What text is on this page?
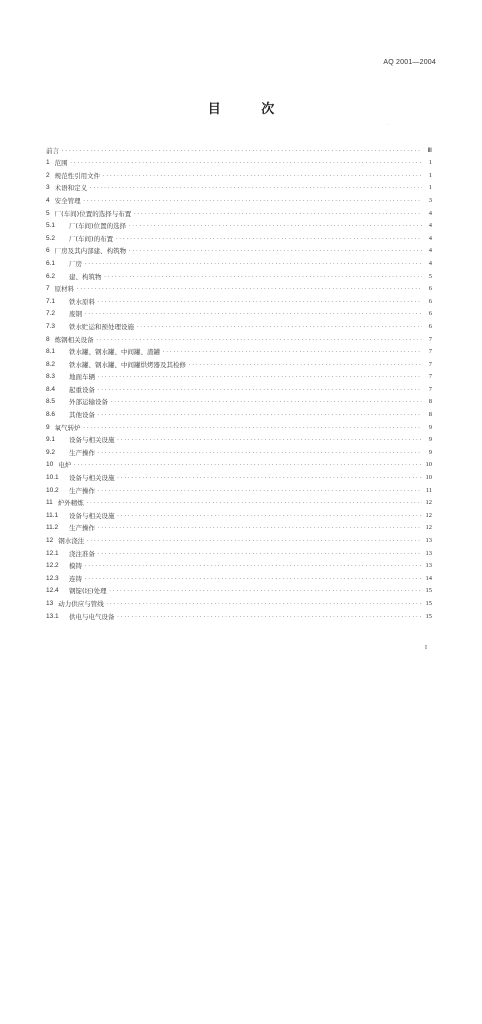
AQ 2001—2004
目 次
.
前言 ·····	Ⅲ
1 范围 ·····	1
2 规范性引用文件 ·····	1
3 术语和定义 ·····	1
4 安全管理 ·····	3
5 厂(车间)位置的选择与布置 ·····	4
5.1	厂(车间)位置的选择 ·····	4
5.2	厂(车间)的布置 ·····	4
6 厂房及其内部建、构筑物 ·····	4
6.1	厂房 ·····	4
6.2	建、构筑物 ·····	5
7 原材料 ·····	6
7.1	铁水原料 ·····	6
7.2	废钢 ·····	6
7.3	铁水贮运和预处理设施 ·····	6
8 炼钢相关设备 ·····	7
8.1	铁水罐、钢水罐、中间罐、渣罐 ·····	7
8.2	铁水罐、钢水罐、中间罐烘烤器及其检修 ·····	7
8.3	地面车辆 ·····	7
8.4	起重设备 ·····	7
8.5	外部运输设备 ·····	8
8.6	其他设备 ·····	8
9 氧气转炉 ·····	9
9.1	设备与相关设施 ·····	9
9.2	生产操作 ·····	9
10 电炉 ·····	10
10.1	设备与相关设施 ·····	10
10.2	生产操作 ·····	11
11 炉外精炼 ·····	12
11.1	设备与相关设施 ·····	12
11.2	生产操作 ·····	12
12 钢水浇注 ·····	13
12.1	浇注准备 ·····	13
12.2	模铸 ·····	13
12.3	连铸 ·····	14
12.4	钢锭(坯)处理 ·····	15
13 动力供应与管线 ·····	15
13.1	供电与电气设备 ·····	15
I
